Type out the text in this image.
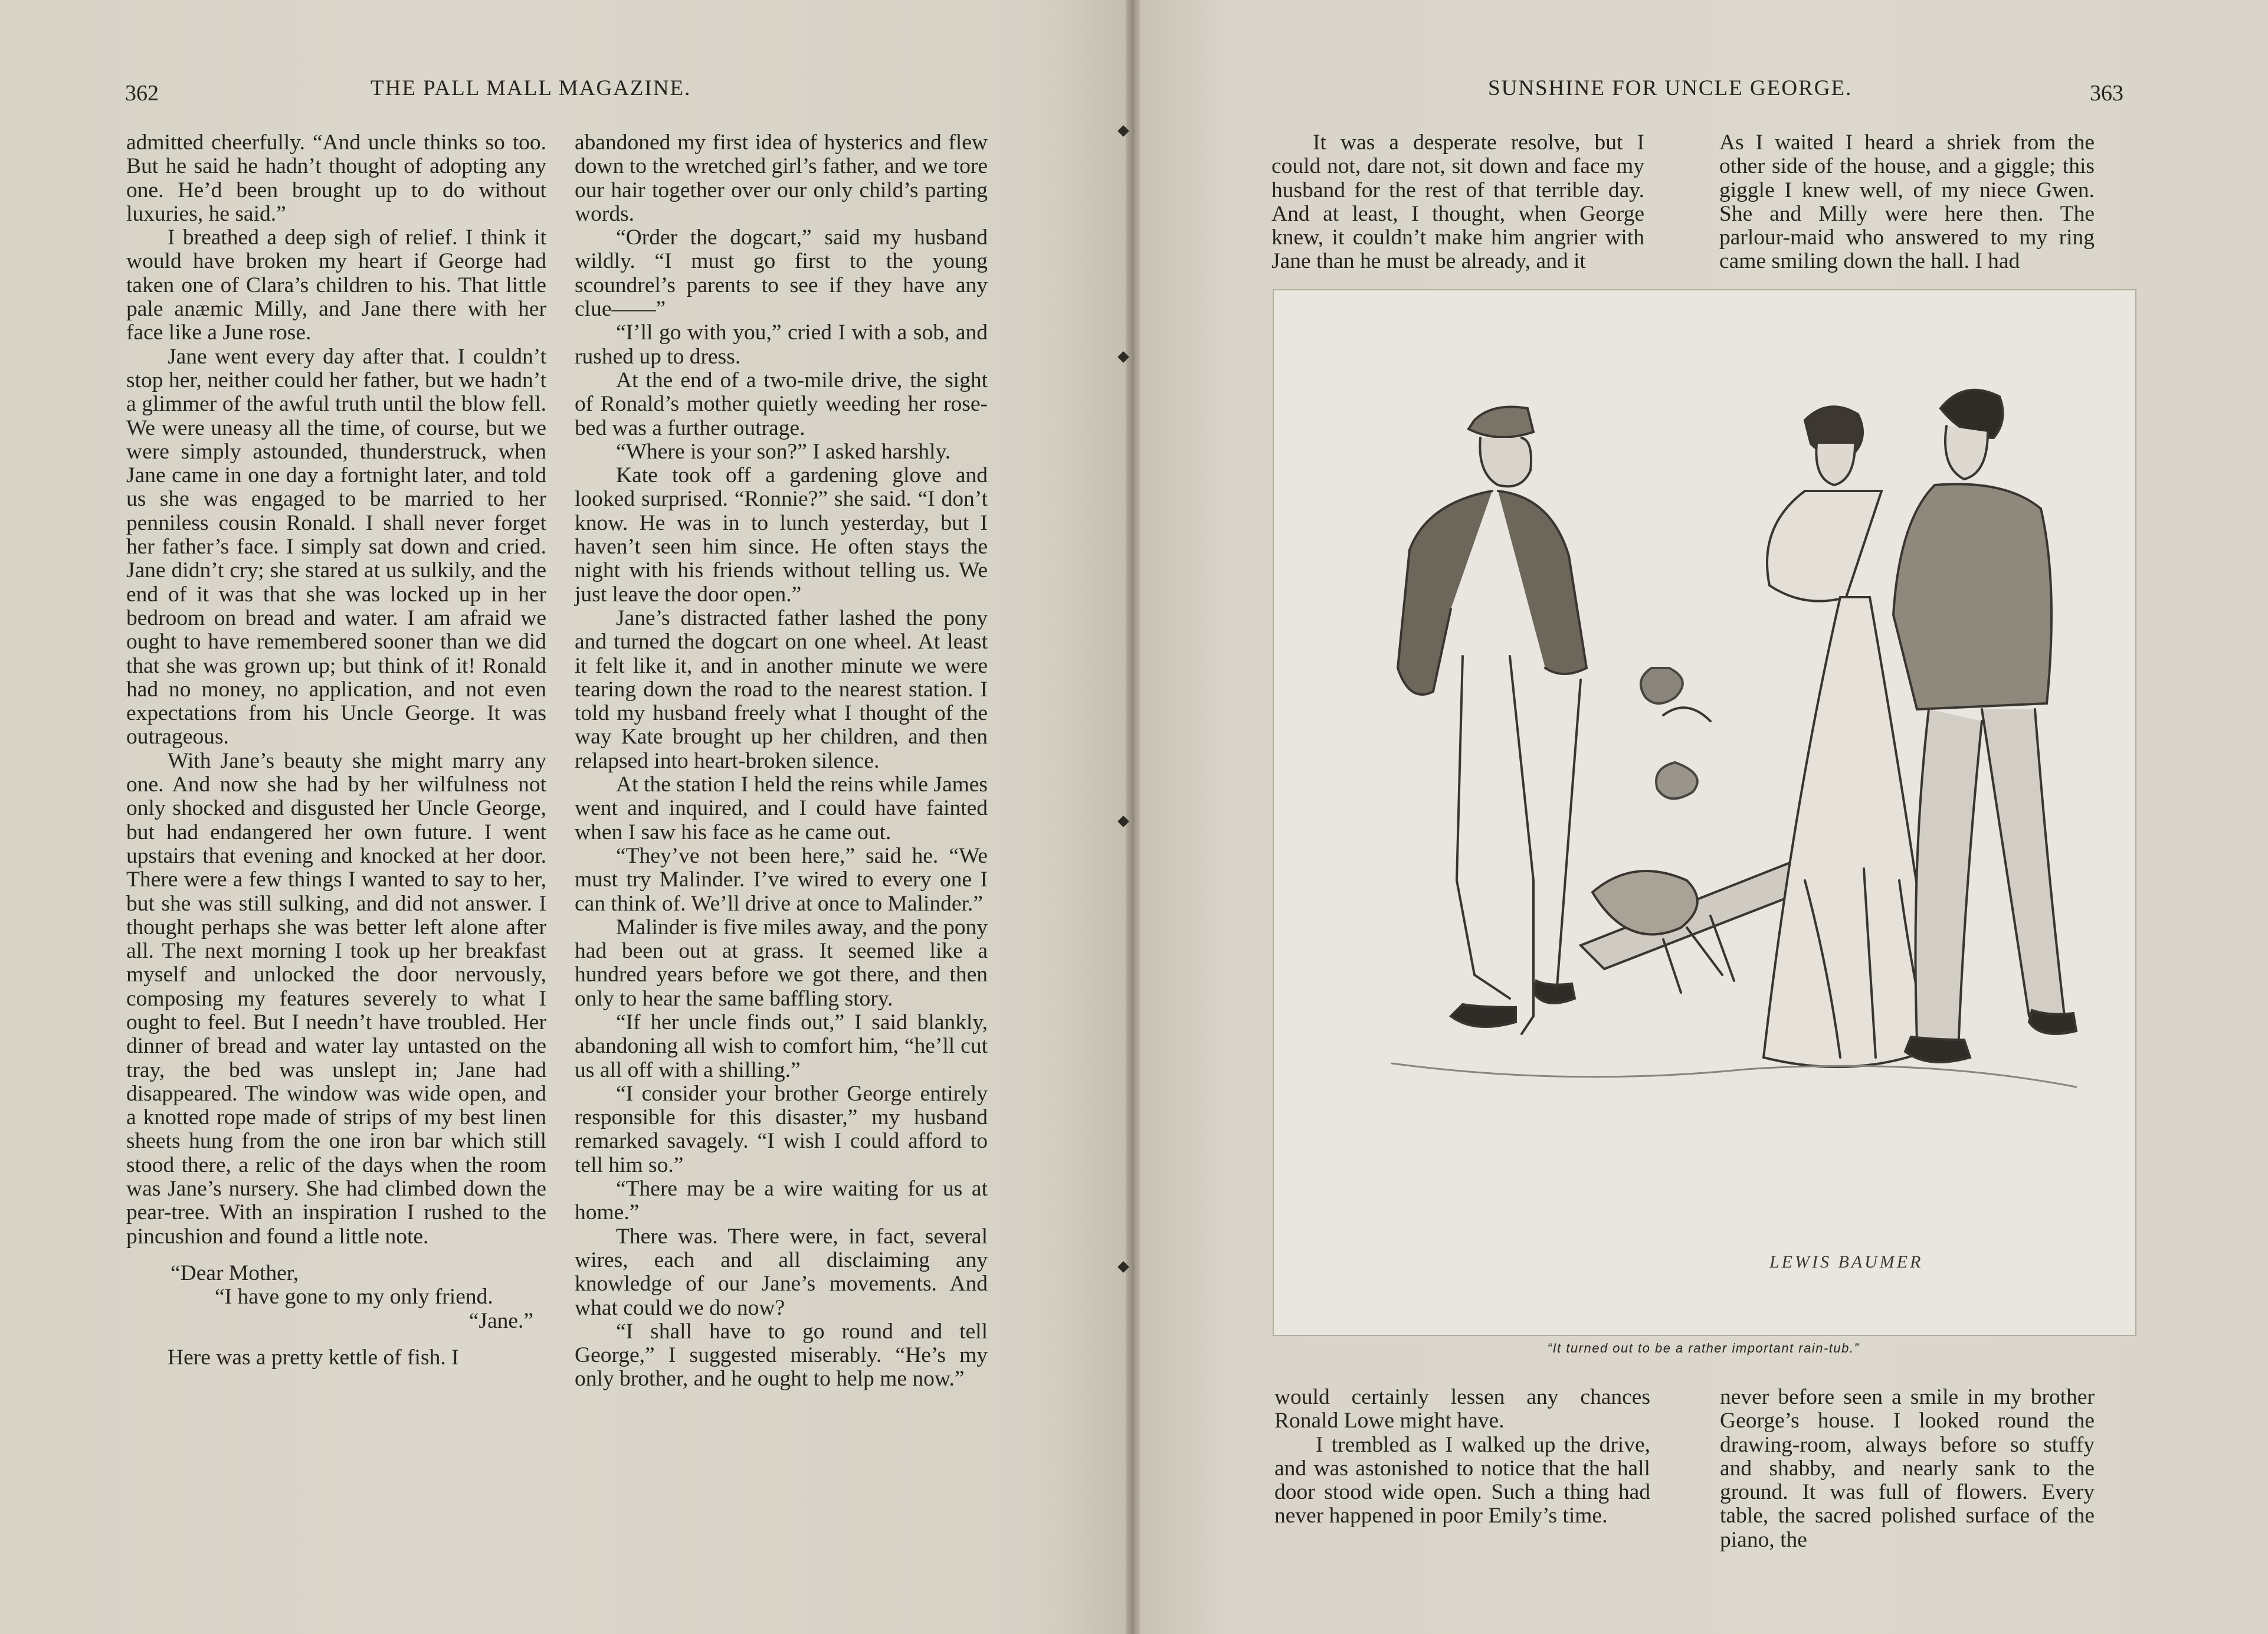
362	THE PALL MALL MAGAZINE.

admitted cheerfully. “And uncle thinks so too. But he said he hadn’t thought of adopting any one. He’d been brought up to do without luxuries, he said.”

I breathed a deep sigh of relief. I think it would have broken my heart if George had taken one of Clara’s children to his. That little pale anæmic Milly, and Jane there with her face like a June rose.

Jane went every day after that. I couldn’t stop her, neither could her father, but we hadn’t a glimmer of the awful truth until the blow fell. We were uneasy all the time, of course, but we were simply astounded, thunderstruck, when Jane came in one day a fortnight later, and told us she was engaged to be married to her penniless cousin Ronald. I shall never forget her father’s face. I simply sat down and cried. Jane didn’t cry; she stared at us sulkily, and the end of it was that she was locked up in her bedroom on bread and water. I am afraid we ought to have remembered sooner than we did that she was grown up; but think of it! Ronald had no money, no application, and not even expectations from his Uncle George. It was outrageous.

With Jane’s beauty she might marry any one. And now she had by her wilfulness not only shocked and disgusted her Uncle George, but had endangered her own future. I went upstairs that evening and knocked at her door. There were a few things I wanted to say to her, but she was still sulking, and did not answer. I thought perhaps she was better left alone after all. The next morning I took up her breakfast myself and unlocked the door nervously, composing my features severely to what I ought to feel. But I needn’t have troubled. Her dinner of bread and water lay untasted on the tray, the bed was unslept in; Jane had disappeared. The window was wide open, and a knotted rope made of strips of my best linen sheets hung from the one iron bar which still stood there, a relic of the days when the room was Jane’s nursery. She had climbed down the pear-tree. With an inspiration I rushed to the pincushion and found a little note.

“Dear Mother,
“I have gone to my only friend.
“Jane.”

Here was a pretty kettle of fish. I

abandoned my first idea of hysterics and flew down to the wretched girl’s father, and we tore our hair together over our only child’s parting words.

“Order the dogcart,” said my husband wildly. “I must go first to the young scoundrel’s parents to see if they have any clue——”

“I’ll go with you,” cried I with a sob, and rushed up to dress.

At the end of a two-mile drive, the sight of Ronald’s mother quietly weeding her rose-bed was a further outrage.

“Where is your son?” I asked harshly.

Kate took off a gardening glove and looked surprised. “Ronnie?” she said. “I don’t know. He was in to lunch yesterday, but I haven’t seen him since. He often stays the night with his friends without telling us. We just leave the door open.”

Jane’s distracted father lashed the pony and turned the dogcart on one wheel. At least it felt like it, and in another minute we were tearing down the road to the nearest station. I told my husband freely what I thought of the way Kate brought up her children, and then relapsed into heart-broken silence.

At the station I held the reins while James went and inquired, and I could have fainted when I saw his face as he came out.

“They’ve not been here,” said he. “We must try Malinder. I’ve wired to every one I can think of. We’ll drive at once to Malinder.”

Malinder is five miles away, and the pony had been out at grass. It seemed like a hundred years before we got there, and then only to hear the same baffling story.

“If her uncle finds out,” I said blankly, abandoning all wish to comfort him, “he’ll cut us all off with a shilling.”

“I consider your brother George entirely responsible for this disaster,” my husband remarked savagely. “I wish I could afford to tell him so.”

“There may be a wire waiting for us at home.”

There was. There were, in fact, several wires, each and all disclaiming any knowledge of our Jane’s movements. And what could we do now?

“I shall have to go round and tell George,” I suggested miserably. “He’s my only brother, and he ought to help me now.”

SUNSHINE FOR UNCLE GEORGE.	363

It was a desperate resolve, but I could not, dare not, sit down and face my husband for the rest of that terrible day. And at least, I thought, when George knew, it couldn’t make him angrier with Jane than he must be already, and it

As I waited I heard a shriek from the other side of the house, and a giggle; this giggle I knew well, of my niece Gwen. She and Milly were here then. The parlour-maid who answered to my ring came smiling down the hall. I had

would certainly lessen any chances Ronald Lowe might have.

I trembled as I walked up the drive, and was astonished to notice that the hall door stood wide open. Such a thing had never happened in poor Emily’s time.

never before seen a smile in my brother George’s house. I looked round the drawing-room, always before so stuffy and shabby, and nearly sank to the ground. It was full of flowers. Every table, the sacred polished surface of the piano, the

LEWIS BAUMER
“It turned out to be a rather important rain-tub.”
